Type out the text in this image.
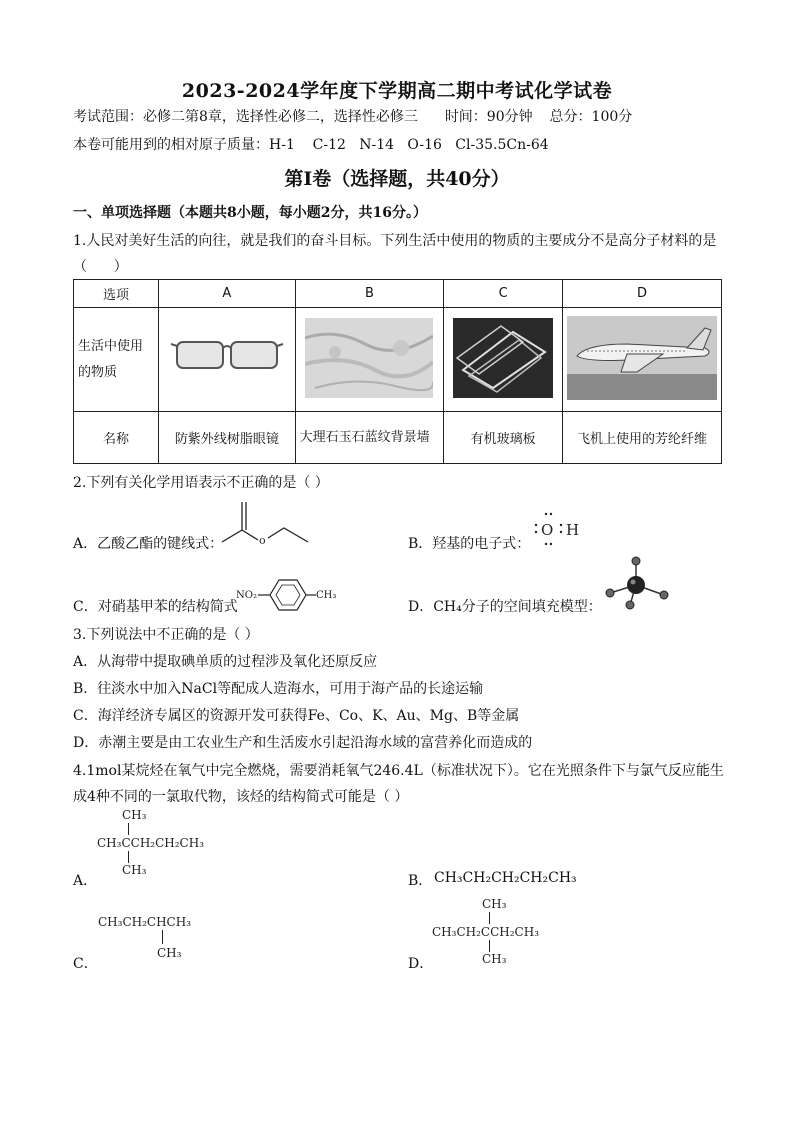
2023-2024学年度下学期高二期中考试化学试卷
考试范围：必修二第8章，选择性必修二，选择性必修三 时间：90分钟 总分：100分
本卷可能用到的相对原子质量：H-1    C-12   N-14   O-16   Cl-35.5Cn-64
第Ⅰ卷（选择题，共40分）
一、单项选择题（本题共8小题，每小题2分，共16分。）
1.人民对美好生活的向往，就是我们的奋斗目标。下列生活中使用的物质的主要成分不是高分子材料的是
（      ）
选项	A	B	C	D
生活中使用的物质				
名称	防紫外线树脂眼镜	大理石玉石蓝纹背景墙	有机玻璃板	飞机上使用的芳纶纤维
2.下列有关化学用语表示不正确的是（ ）
A．乙酸乙酯的键线式：	o	B．羟基的电子式：
O H
C．对硝基甲苯的结构简式
NO₂	CH₃
D．CH₄分子的空间填充模型：
3.下列说法中不正确的是（ ）
A．从海带中提取碘单质的过程涉及氧化还原反应
B．往淡水中加入NaCl等配成人造海水，可用于海产品的长途运输
C．海洋经济专属区的资源开发可获得Fe、Co、K、Au、Mg、B等金属
D．赤潮主要是由工农业生产和生活废水引起沿海水域的富营养化而造成的
4.1mol某烷烃在氧气中完全燃烧，需要消耗氧气246.4L（标准状况下）。它在光照条件下与氯气反应能生
成4种不同的一氯取代物，该烃的结构简式可能是（ ）
CH₃
CH₃CCH₂CH₂CH₃
CH₃
A．	B． CH₃CH₂CH₂CH₂CH₃
CH₃CH₂CHCH₃
CH₃
C．
CH₃
CH₃CH₂CCH₂CH₃
CH₃
D．
